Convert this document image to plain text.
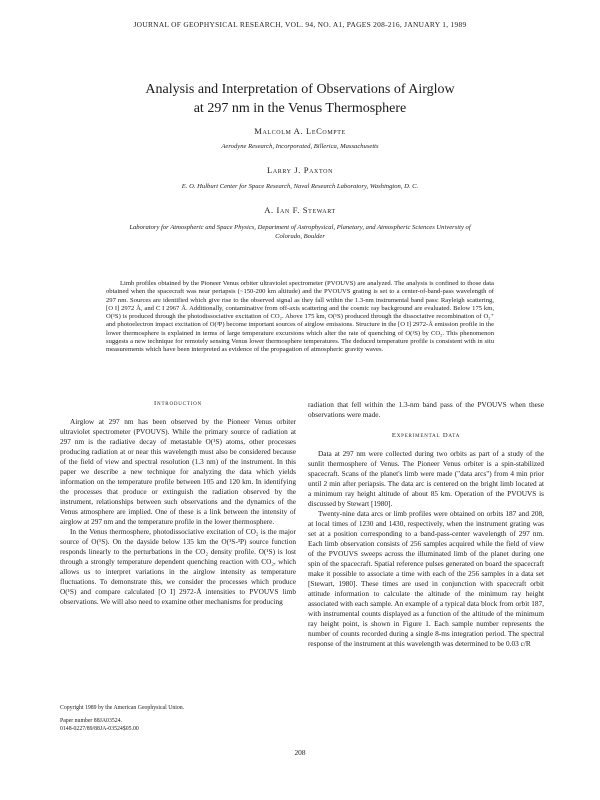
JOURNAL OF GEOPHYSICAL RESEARCH, VOL. 94, NO. A1, PAGES 208-216, JANUARY 1, 1989
Analysis and Interpretation of Observations of Airglow
at 297 nm in the Venus Thermosphere
Malcolm A. LeCompte
Aerodyne Research, Incorporated, Billerica, Massachusetts
Larry J. Paxton
E. O. Hulburt Center for Space Research, Naval Research Laboratory, Washington, D. C.
A. Ian F. Stewart
Laboratory for Atmospheric and Space Physics, Department of Astrophysical, Planetary, and Atmospheric Sciences University of Colorado, Boulder

Limb profiles obtained by the Pioneer Venus orbiter ultraviolet spectrometer (PVOUVS) are analyzed. The analysis is confined to those data obtained when the spacecraft was near periapsis (~150-200 km altitude) and the PVOUVS grating is set to a center-of-band-pass wavelength of 297 nm. Sources are identified which give rise to the observed signal as they fall within the 1.3-nm instrumental band pass: Rayleigh scattering, [O I] 2972 Å, and C I 2967 Å. Additionally, contaminative from off-axis scattering and the cosmic ray background are evaluated. Below 175 km, O(¹S) is produced through the photodissociative excitation of CO₂. Above 175 km, O(¹S) produced through the dissociative recombination of O₂⁺ and photoelectron impact excitation of O(³P) become important sources of airglow emissions. Structure in the [O I] 2972-Å emission profile in the lower thermosphere is explained in terms of large temperature excursions which alter the rate of quenching of O(¹S) by CO₂. This phenomenon suggests a new technique for remotely sensing Venus lower thermosphere temperatures. The deduced temperature profile is consistent with in situ measurements which have been interpreted as evidence of the propagation of atmospheric gravity waves.

Introduction

Airglow at 297 nm has been observed by the Pioneer Venus orbiter ultraviolet spectrometer (PVOUVS). While the primary source of radiation at 297 nm is the radiative decay of metastable O(¹S) atoms, other processes producing radiation at or near this wavelength must also be considered because of the field of view and spectral resolution (1.3 nm) of the instrument. In this paper we describe a new technique for analyzing the data which yields information on the temperature profile between 105 and 120 km. In identifying the processes that produce or extinguish the radiation observed by the instrument, relationships between such observations and the dynamics of the Venus atmosphere are implied. One of these is a link between the intensity of airglow at 297 nm and the temperature profile in the lower thermosphere.

In the Venus thermosphere, photodissociative excitation of CO₂ is the major source of O(¹S). On the dayside below 135 km the O(¹S-³P) source function responds linearly to the perturbations in the CO₂ density profile. O(¹S) is lost through a strongly temperature dependent quenching reaction with CO₂, which allows us to interpret variations in the airglow intensity as temperature fluctuations. To demonstrate this, we consider the processes which produce O(¹S) and compare calculated [O I] 2972-Å intensities to PVOUVS limb observations. We will also need to examine other mechanisms for producing

Copyright 1989 by the American Geophysical Union.

Paper number 88JA03524.

0148-0227/89/88JA-03524$05.00

radiation that fell within the 1.3-nm band pass of the PVOUVS when these observations were made.

Experimental Data

Data at 297 nm were collected during two orbits as part of a study of the sunlit thermosphere of Venus. The Pioneer Venus orbiter is a spin-stabilized spacecraft. Scans of the planet's limb were made ("data arcs") from 4 min prior until 2 min after periapsis. The data arc is centered on the bright limb located at a minimum ray height altitude of about 85 km. Operation of the PVOUVS is discussed by Stewart [1980].

Twenty-nine data arcs or limb profiles were obtained on orbits 187 and 208, at local times of 1230 and 1430, respectively, when the instrument grating was set at a position corresponding to a band-pass-center wavelength of 297 nm. Each limb observation consists of 256 samples acquired while the field of view of the PVOUVS sweeps across the illuminated limb of the planet during one spin of the spacecraft. Spatial reference pulses generated on board the spacecraft make it possible to associate a time with each of the 256 samples in a data set [Stewart, 1980]. These times are used in conjunction with spacecraft orbit attitude information to calculate the altitude of the minimum ray height associated with each sample. An example of a typical data block from orbit 187, with instrumental counts displayed as a function of the altitude of the minimum ray height point, is shown in Figure 1. Each sample number represents the number of counts recorded during a single 8-ms integration period. The spectral response of the instrument at this wavelength was determined to be 0.03 c/R

208
